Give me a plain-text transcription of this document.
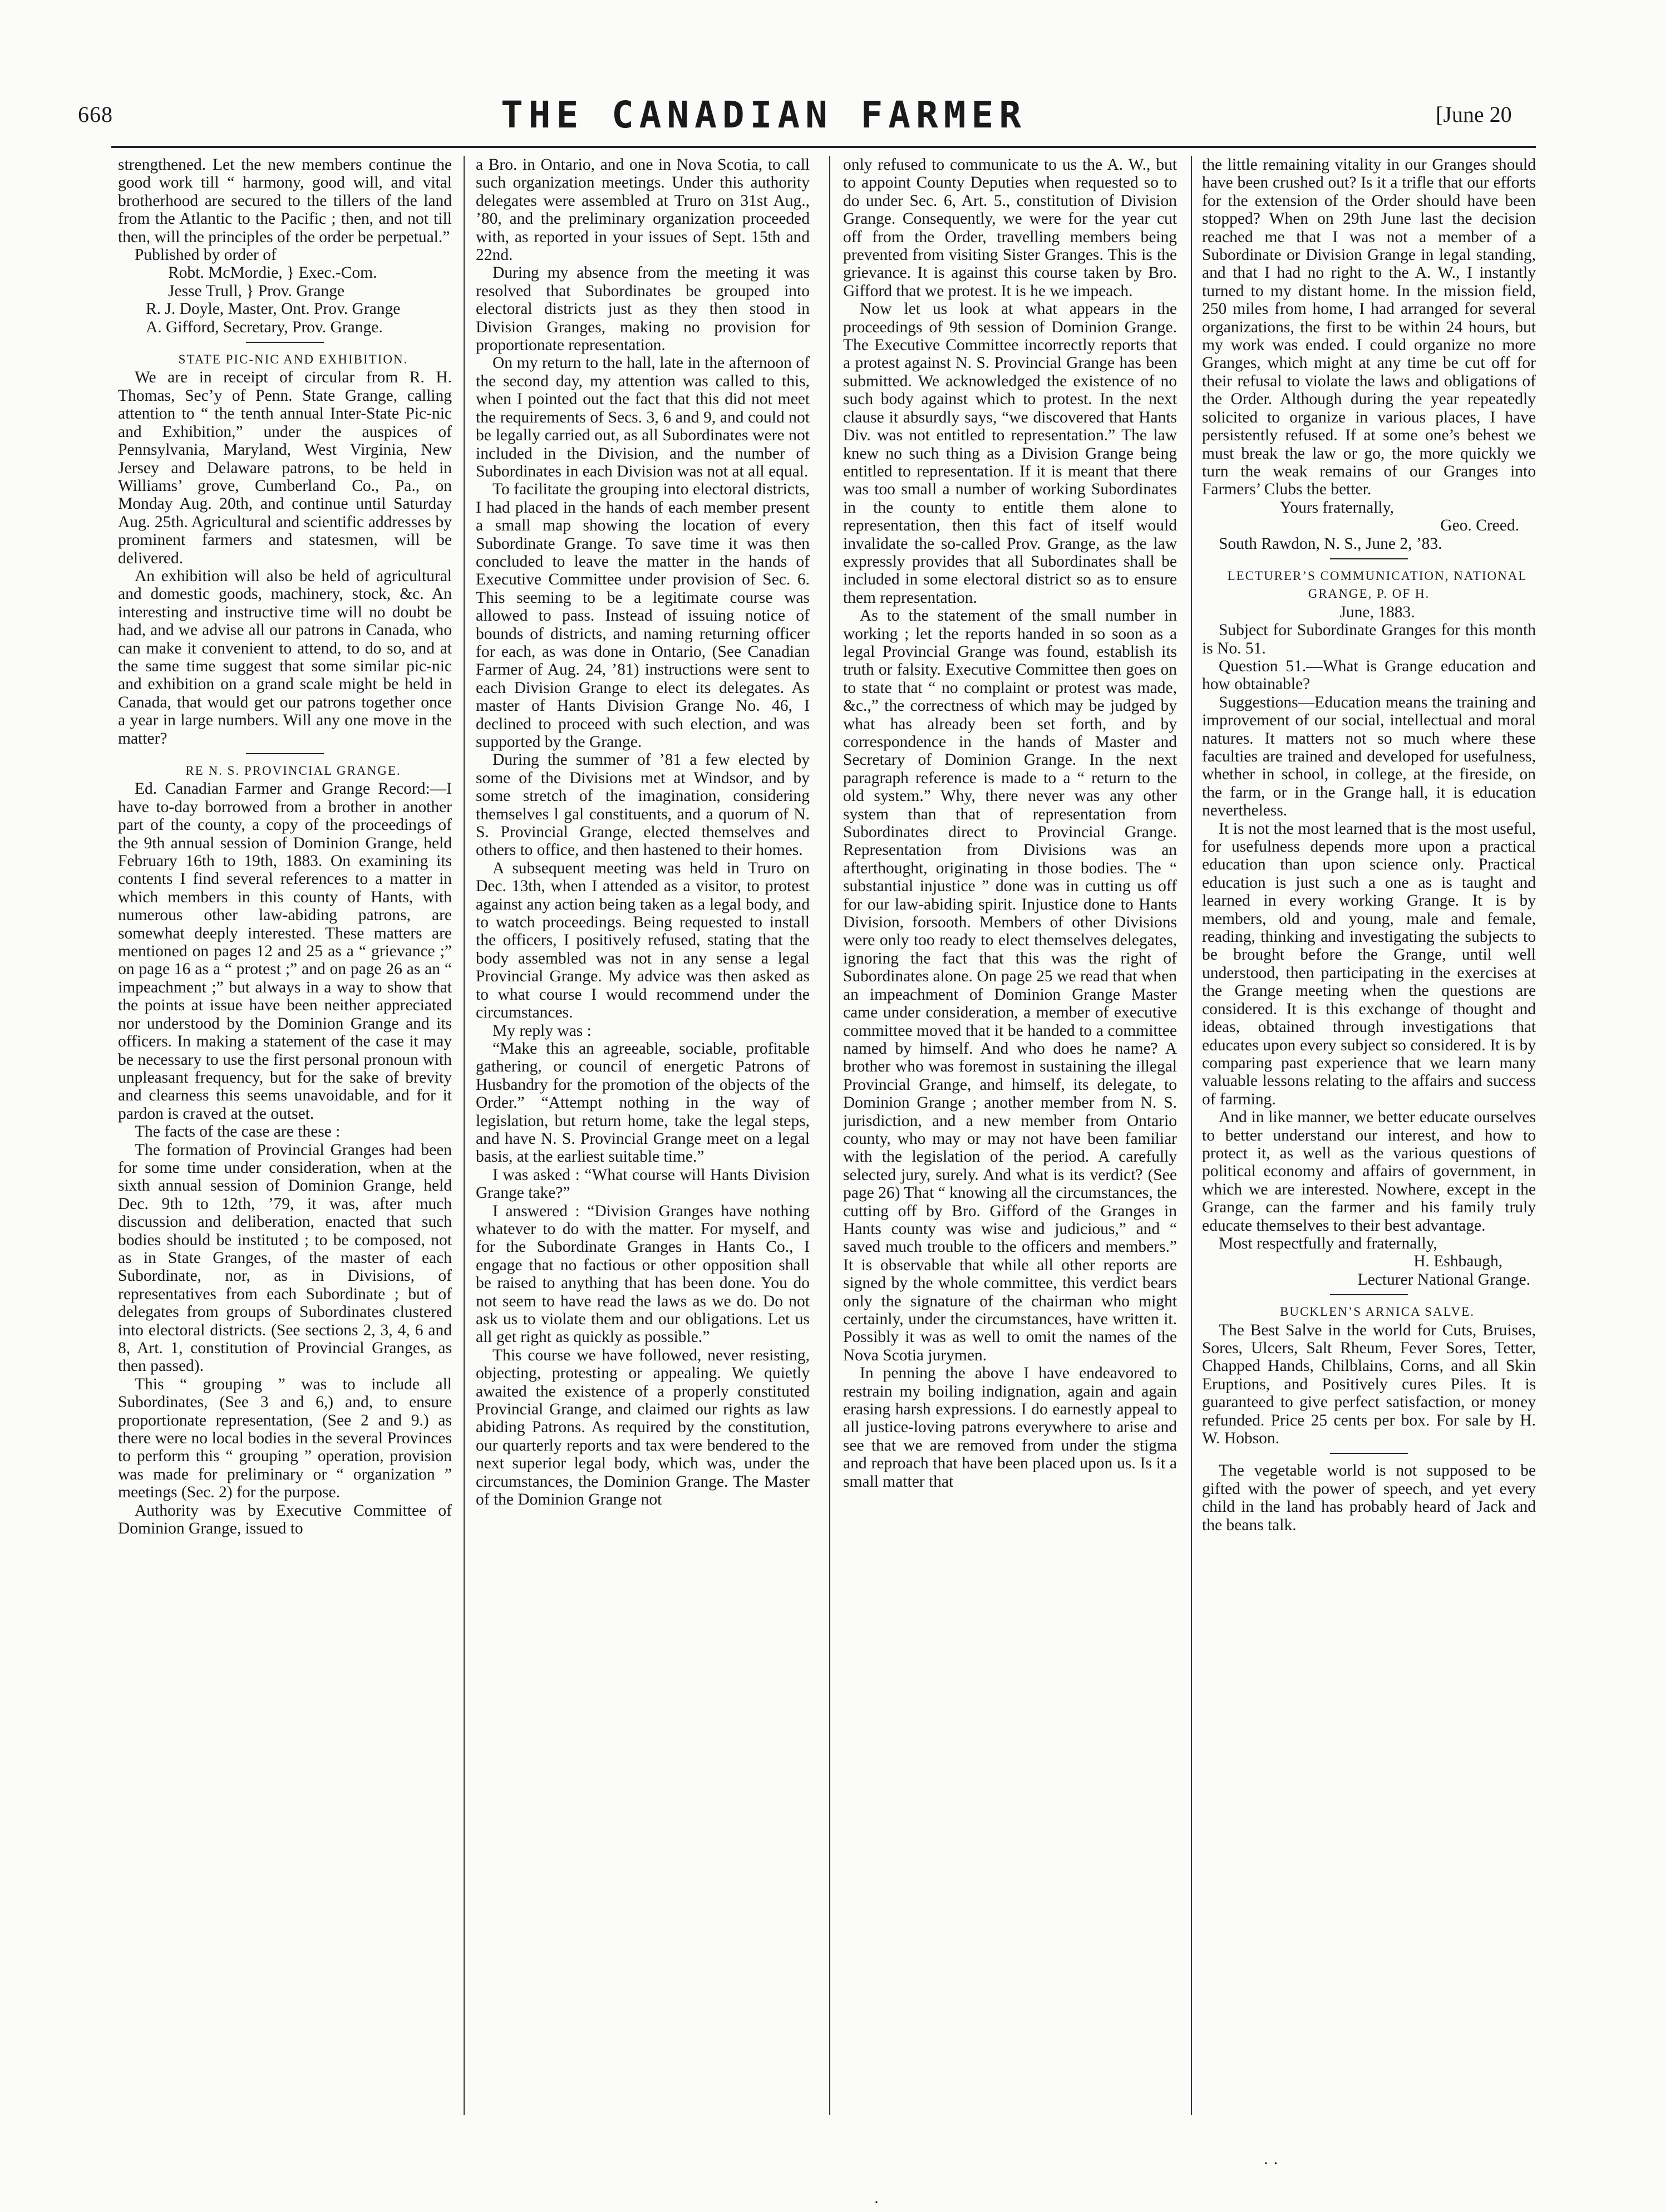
668	THE CANADIAN FARMER	[June 20

strengthened. Let the new members continue the good work till “ harmony, good will, and vital brotherhood are secured to the tillers of the land from the Atlantic to the Pacific ; then, and not till then, will the principles of the order be perpetual.”

Published by order of

Robt. McMordie, } Exec.-Com.

Jesse Trull, } Prov. Grange

R. J. Doyle, Master, Ont. Prov. Grange

A. Gifford, Secretary, Prov. Grange.

STATE PIC-NIC AND EXHIBITION.

We are in receipt of circular from R. H. Thomas, Sec’y of Penn. State Grange, calling attention to “ the tenth annual Inter-State Pic-nic and Exhibition,” under the auspices of Pennsylvania, Maryland, West Virginia, New Jersey and Delaware patrons, to be held in Williams’ grove, Cumberland Co., Pa., on Monday Aug. 20th, and continue until Saturday Aug. 25th. Agricultural and scientific addresses by prominent farmers and statesmen, will be delivered.

An exhibition will also be held of agricultural and domestic goods, machinery, stock, &c. An interesting and instructive time will no doubt be had, and we advise all our patrons in Canada, who can make it convenient to attend, to do so, and at the same time suggest that some similar pic-nic and exhibition on a grand scale might be held in Canada, that would get our patrons together once a year in large numbers. Will any one move in the matter?

RE N. S. PROVINCIAL GRANGE.

Ed. Canadian Farmer and Grange Record:—I have to-day borrowed from a brother in another part of the county, a copy of the proceedings of the 9th annual session of Dominion Grange, held February 16th to 19th, 1883. On examining its contents I find several references to a matter in which members in this county of Hants, with numerous other law-abiding patrons, are somewhat deeply interested. These matters are mentioned on pages 12 and 25 as a “ grievance ;” on page 16 as a “ protest ;” and on page 26 as an “ impeachment ;” but always in a way to show that the points at issue have been neither appreciated nor understood by the Dominion Grange and its officers. In making a statement of the case it may be necessary to use the first personal pronoun with unpleasant frequency, but for the sake of brevity and clearness this seems unavoidable, and for it pardon is craved at the outset.

The facts of the case are these :

The formation of Provincial Granges had been for some time under consideration, when at the sixth annual session of Dominion Grange, held Dec. 9th to 12th, ’79, it was, after much discussion and deliberation, enacted that such bodies should be instituted ; to be composed, not as in State Granges, of the master of each Subordinate, nor, as in Divisions, of representatives from each Subordinate ; but of delegates from groups of Subordinates clustered into electoral districts. (See sections 2, 3, 4, 6 and 8, Art. 1, constitution of Provincial Granges, as then passed).

This “ grouping ” was to include all Subordinates, (See 3 and 6,) and, to ensure proportionate representation, (See 2 and 9.) as there were no local bodies in the several Provinces to perform this “ grouping ” operation, provision was made for preliminary or “ organization ” meetings (Sec. 2) for the purpose.

Authority was by Executive Committee of Dominion Grange, issued to

a Bro. in Ontario, and one in Nova Scotia, to call such organization meetings. Under this authority delegates were assembled at Truro on 31st Aug., ’80, and the preliminary organization proceeded with, as reported in your issues of Sept. 15th and 22nd.

During my absence from the meeting it was resolved that Subordinates be grouped into electoral districts just as they then stood in Division Granges, making no provision for proportionate representation.

On my return to the hall, late in the afternoon of the second day, my attention was called to this, when I pointed out the fact that this did not meet the requirements of Secs. 3, 6 and 9, and could not be legally carried out, as all Subordinates were not included in the Division, and the number of Subordinates in each Division was not at all equal.

To facilitate the grouping into electoral districts, I had placed in the hands of each member present a small map showing the location of every Subordinate Grange. To save time it was then concluded to leave the matter in the hands of Executive Committee under provision of Sec. 6. This seeming to be a legitimate course was allowed to pass. Instead of issuing notice of bounds of districts, and naming returning officer for each, as was done in Ontario, (See Canadian Farmer of Aug. 24, ’81) instructions were sent to each Division Grange to elect its delegates. As master of Hants Division Grange No. 46, I declined to proceed with such election, and was supported by the Grange.

During the summer of ’81 a few elected by some of the Divisions met at Windsor, and by some stretch of the imagination, considering themselves l gal constituents, and a quorum of N. S. Provincial Grange, elected themselves and others to office, and then hastened to their homes.

A subsequent meeting was held in Truro on Dec. 13th, when I attended as a visitor, to protest against any action being taken as a legal body, and to watch proceedings. Being requested to install the officers, I positively refused, stating that the body assembled was not in any sense a legal Provincial Grange. My advice was then asked as to what course I would recommend under the circumstances.

My reply was :

“Make this an agreeable, sociable, profitable gathering, or council of energetic Patrons of Husbandry for the promotion of the objects of the Order.” “Attempt nothing in the way of legislation, but return home, take the legal steps, and have N. S. Provincial Grange meet on a legal basis, at the earliest suitable time.”

I was asked : “What course will Hants Division Grange take?”

I answered : “Division Granges have nothing whatever to do with the matter. For myself, and for the Subordinate Granges in Hants Co., I engage that no factious or other opposition shall be raised to anything that has been done. You do not seem to have read the laws as we do. Do not ask us to violate them and our obligations. Let us all get right as quickly as possible.”

This course we have followed, never resisting, objecting, protesting or appealing. We quietly awaited the existence of a properly constituted Provincial Grange, and claimed our rights as law abiding Patrons. As required by the constitution, our quarterly reports and tax were bendered to the next superior legal body, which was, under the circumstances, the Dominion Grange. The Master of the Dominion Grange not

only refused to communicate to us the A. W., but to appoint County Deputies when requested so to do under Sec. 6, Art. 5., constitution of Division Grange. Consequently, we were for the year cut off from the Order, travelling members being prevented from visiting Sister Granges. This is the grievance. It is against this course taken by Bro. Gifford that we protest. It is he we impeach.

Now let us look at what appears in the proceedings of 9th session of Dominion Grange. The Executive Committee incorrectly reports that a protest against N. S. Provincial Grange has been submitted. We acknowledged the existence of no such body against which to protest. In the next clause it absurdly says, “we discovered that Hants Div. was not entitled to representation.” The law knew no such thing as a Division Grange being entitled to representation. If it is meant that there was too small a number of working Subordinates in the county to entitle them alone to representation, then this fact of itself would invalidate the so-called Prov. Grange, as the law expressly provides that all Subordinates shall be included in some electoral district so as to ensure them representation.

As to the statement of the small number in working ; let the reports handed in so soon as a legal Provincial Grange was found, establish its truth or falsity. Executive Committee then goes on to state that “ no complaint or protest was made, &c.,” the correctness of which may be judged by what has already been set forth, and by correspondence in the hands of Master and Secretary of Dominion Grange. In the next paragraph reference is made to a “ return to the old system.” Why, there never was any other system than that of representation from Subordinates direct to Provincial Grange. Representation from Divisions was an afterthought, originating in those bodies. The “ substantial injustice ” done was in cutting us off for our law-abiding spirit. Injustice done to Hants Division, forsooth. Members of other Divisions were only too ready to elect themselves delegates, ignoring the fact that this was the right of Subordinates alone. On page 25 we read that when an impeachment of Dominion Grange Master came under consideration, a member of executive committee moved that it be handed to a committee named by himself. And who does he name? A brother who was foremost in sustaining the illegal Provincial Grange, and himself, its delegate, to Dominion Grange ; another member from N. S. jurisdiction, and a new member from Ontario county, who may or may not have been familiar with the legislation of the period. A carefully selected jury, surely. And what is its verdict? (See page 26) That “ knowing all the circumstances, the cutting off by Bro. Gifford of the Granges in Hants county was wise and judicious,” and “ saved much trouble to the officers and members.” It is observable that while all other reports are signed by the whole committee, this verdict bears only the signature of the chairman who might certainly, under the circumstances, have written it. Possibly it was as well to omit the names of the Nova Scotia jurymen.

In penning the above I have endeavored to restrain my boiling indignation, again and again erasing harsh expressions. I do earnestly appeal to all justice-loving patrons everywhere to arise and see that we are removed from under the stigma and reproach that have been placed upon us. Is it a small matter that

the little remaining vitality in our Granges should have been crushed out? Is it a trifle that our efforts for the extension of the Order should have been stopped? When on 29th June last the decision reached me that I was not a member of a Subordinate or Division Grange in legal standing, and that I had no right to the A. W., I instantly turned to my distant home. In the mission field, 250 miles from home, I had arranged for several organizations, the first to be within 24 hours, but my work was ended. I could organize no more Granges, which might at any time be cut off for their refusal to violate the laws and obligations of the Order. Although during the year repeatedly solicited to organize in various places, I have persistently refused. If at some one’s behest we must break the law or go, the more quickly we turn the weak remains of our Granges into Farmers’ Clubs the better.

Yours fraternally,

Geo. Creed.

South Rawdon, N. S., June 2, ’83.

LECTURER’S COMMUNICATION, NATIONAL GRANGE, P. OF H.

June, 1883.

Subject for Subordinate Granges for this month is No. 51.

Question 51.—What is Grange education and how obtainable?

Suggestions—Education means the training and improvement of our social, intellectual and moral natures. It matters not so much where these faculties are trained and developed for usefulness, whether in school, in college, at the fireside, on the farm, or in the Grange hall, it is education nevertheless.

It is not the most learned that is the most useful, for usefulness depends more upon a practical education than upon science only. Practical education is just such a one as is taught and learned in every working Grange. It is by members, old and young, male and female, reading, thinking and investigating the subjects to be brought before the Grange, until well understood, then participating in the exercises at the Grange meeting when the questions are considered. It is this exchange of thought and ideas, obtained through investigations that educates upon every subject so considered. It is by comparing past experience that we learn many valuable lessons relating to the affairs and success of farming.

And in like manner, we better educate ourselves to better understand our interest, and how to protect it, as well as the various questions of political economy and affairs of government, in which we are interested. Nowhere, except in the Grange, can the farmer and his family truly educate themselves to their best advantage.

Most respectfully and fraternally,

H. Eshbaugh,

Lecturer National Grange.

BUCKLEN’S ARNICA SALVE.

The Best Salve in the world for Cuts, Bruises, Sores, Ulcers, Salt Rheum, Fever Sores, Tetter, Chapped Hands, Chilblains, Corns, and all Skin Eruptions, and Positively cures Piles. It is guaranteed to give perfect satisfaction, or money refunded. Price 25 cents per box. For sale by H. W. Hobson.

The vegetable world is not supposed to be gifted with the power of speech, and yet every child in the land has probably heard of Jack and the beans talk.

· ·
·
